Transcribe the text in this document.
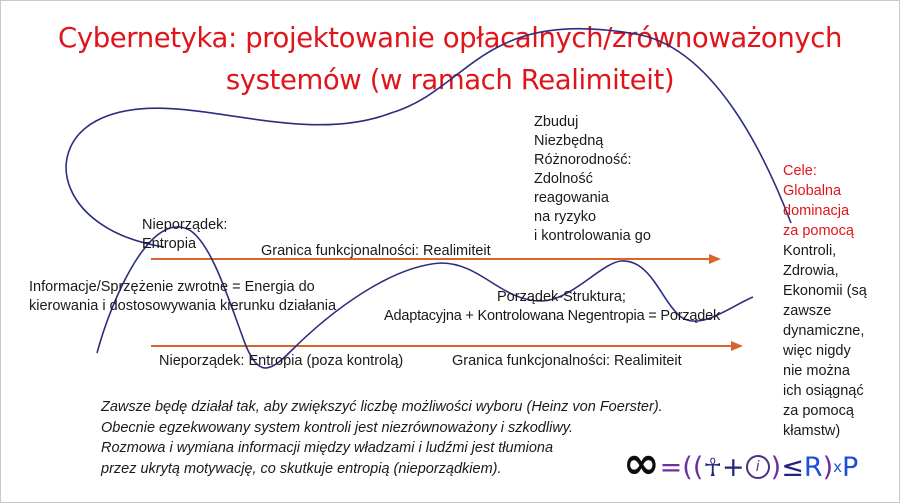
Cybernetyka: projektowanie opłacalnych/zrównoważonych
systemów (w ramach Realimiteit)
Zbuduj
Niezbędną
Różnorodność:
Zdolność
reagowania
na ryzyko
i kontrolowania go
Nieporządek:
Entropia	Granica funkcjonalności: Realimiteit
Informacje/Sprzężenie zwrotne = Energia do
kierowania i dostosowywania kierunku działania
Porządek-Struktura;
Adaptacyjna + Kontrolowana Negentropia = Porządek
Nieporządek: Entropia (poza kontrolą)	Granica funkcjonalności: Realimiteit
Cele:
Globalna
dominacja
za pomocą
Kontroli,
Zdrowia,
Ekonomii (są
zawsze
dynamiczne,
więc nigdy
nie można
ich osiągnąć
za pomocą
kłamstw)
Zawsze będę działał tak, aby zwiększyć liczbę możliwości wyboru (Heinz von Foerster).
Obecnie egzekwowany system kontroli jest niezrównoważony i szkodliwy.
Rozmowa i wymiana informacji między władzami i ludźmi jest tłumiona
przez ukrytą motywację, co skutkuje entropią (nieporządkiem).	∞ =(( ☥ + i ) ≤ R ) x P
